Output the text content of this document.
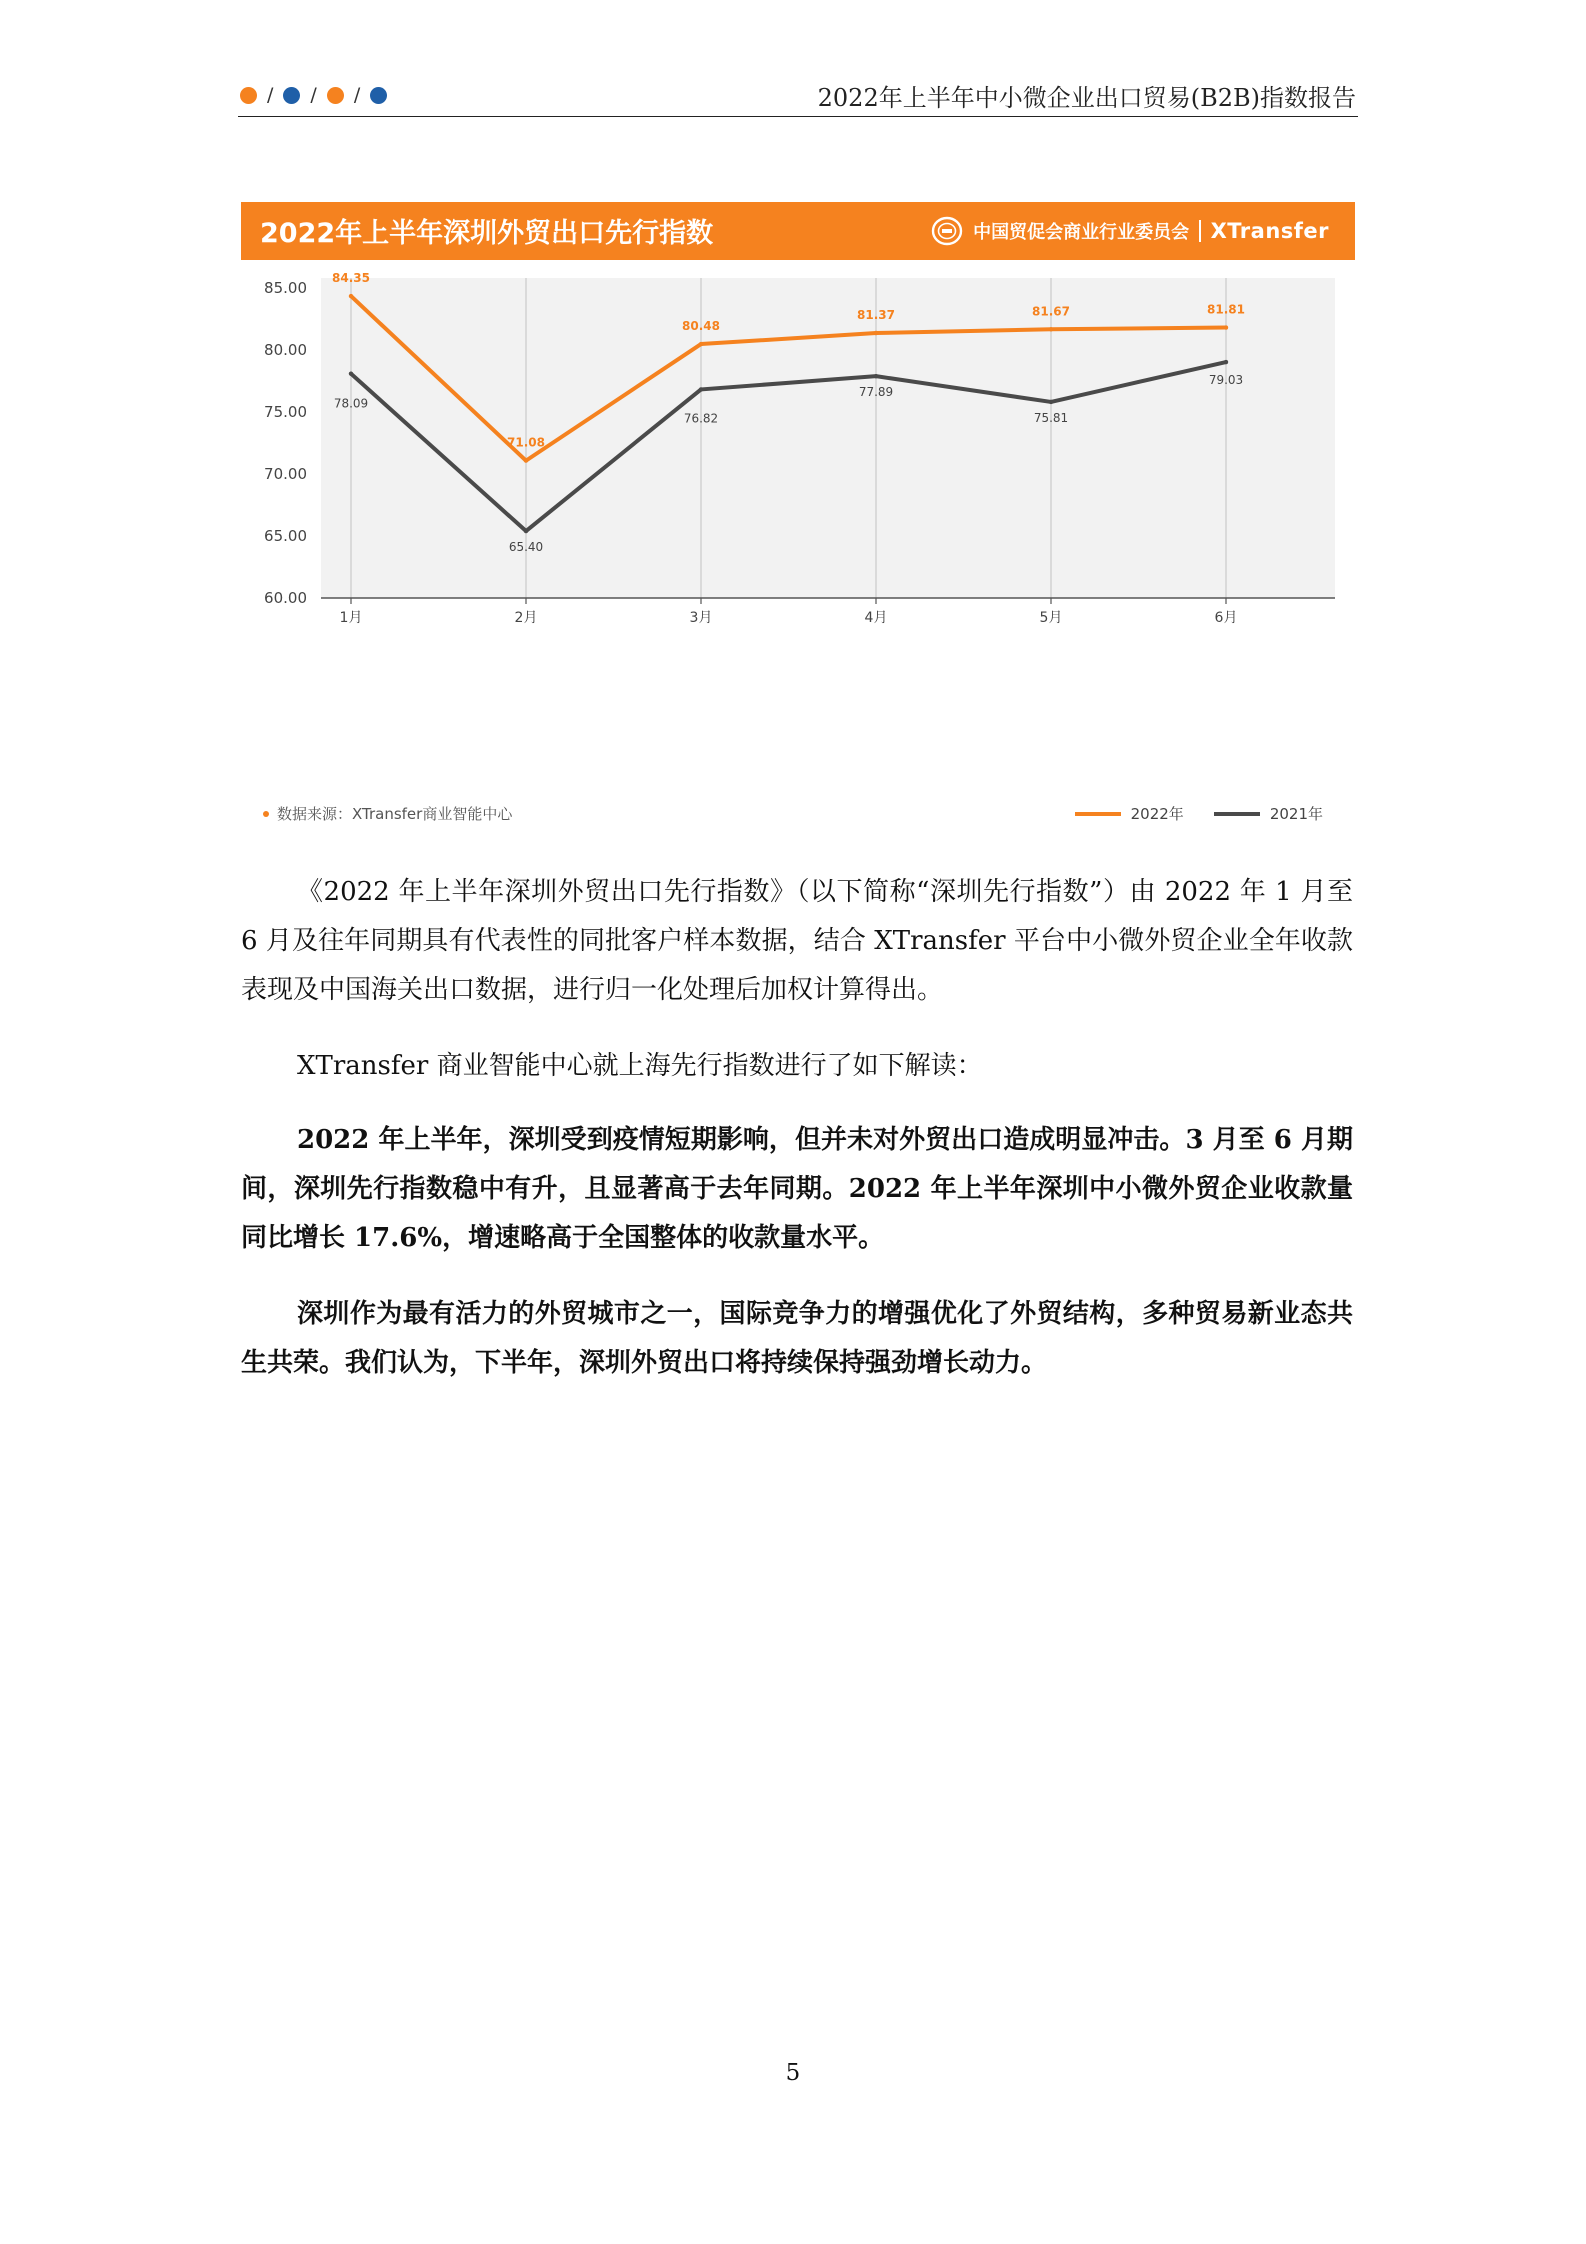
/ / /	2022年上半年中小微企业出口贸易(B2B)指数报告
2022年上半年深圳外贸出口先行指数	中国贸促会商业行业委员会 XTransfer
60.00
65.00
70.00
75.00
80.00
85.00
84.35
71.08
80.48
81.37	81.67	81.81
78.09
65.40
76.82
77.89
75.81
79.03
1月	2月	3月	4月	5月	6月
数据来源：XTransfer商业智能中心	2022年	2021年

《2022 年上半年深圳外贸出口先行指数》（以下简称“深圳先行指数”）由 2022 年 1 月至 6 月及往年同期具有代表性的同批客户样本数据，结合 XTransfer 平台中小微外贸企业全年收款表现及中国海关出口数据，进行归一化处理后加权计算得出。

XTransfer 商业智能中心就上海先行指数进行了如下解读：

2022 年上半年，深圳受到疫情短期影响，但并未对外贸出口造成明显冲击。3 月至 6 月期间，深圳先行指数稳中有升，且显著高于去年同期。2022 年上半年深圳中小微外贸企业收款量同比增长 17.6%，增速略高于全国整体的收款量水平。

深圳作为最有活力的外贸城市之一，国际竞争力的增强优化了外贸结构，多种贸易新业态共生共荣。我们认为，下半年，深圳外贸出口将持续保持强劲增长动力。

5
